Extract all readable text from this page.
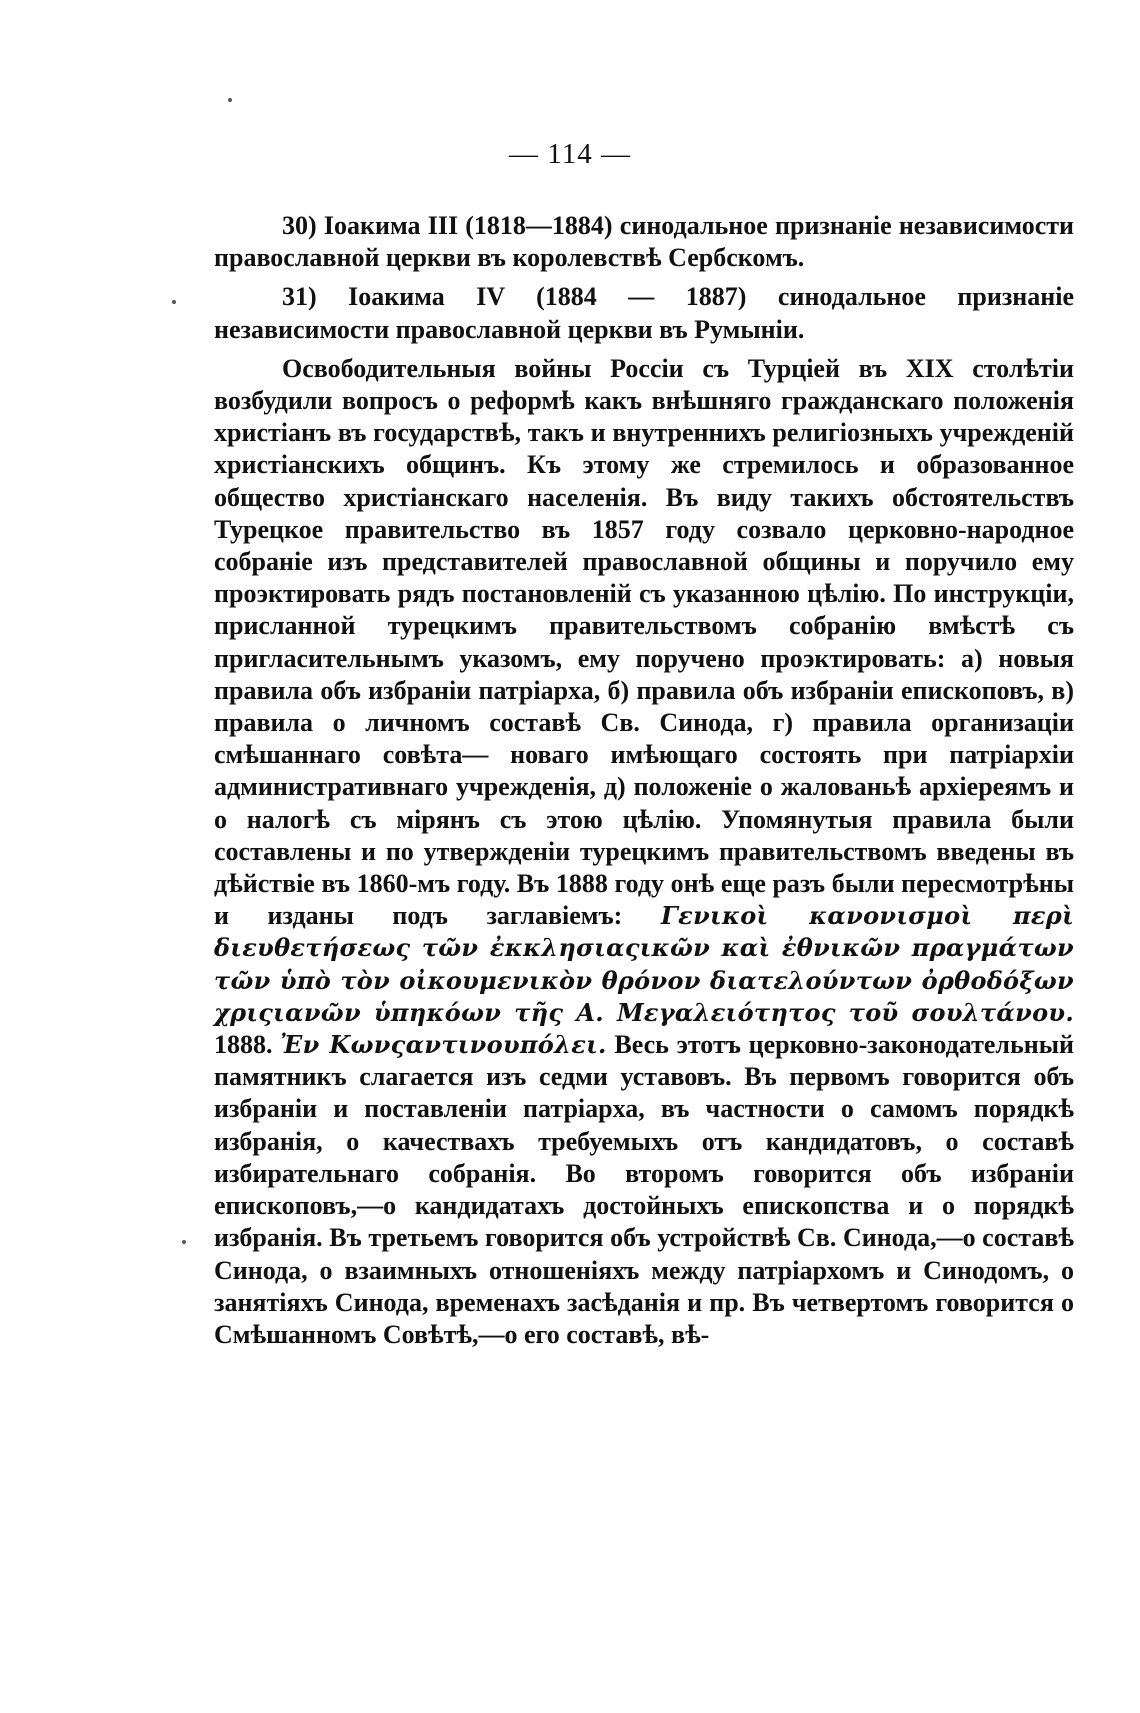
— 114 —

30) Іоакима III (1818—1884) синодальное признаніе независимости православной церкви въ королевствѣ Сербскомъ.

31) Іоакима IV (1884 — 1887) синодальное признаніе независимости православной церкви въ Румыніи.

Освободительныя войны Россіи съ Турціей въ XIX столѣтіи возбудили вопросъ о реформѣ какъ внѣшняго гражданскаго положенія христіанъ въ государствѣ, такъ и внутреннихъ религіозныхъ учрежденій христіанскихъ общинъ. Къ этому же стремилось и образованное общество христіанскаго населенія. Въ виду такихъ обстоятельствъ Турецкое правительство въ 1857 году созвало церковно-народное собраніе изъ представителей православной общины и поручило ему проэктировать рядъ постановленій съ указанною цѣлію. По инструкціи, присланной турецкимъ правительствомъ собранію вмѣстѣ съ пригласительнымъ указомъ, ему поручено проэктировать: а) новыя правила объ избраніи патріарха, б) правила объ избраніи епископовъ, в) правила о личномъ составѣ Св. Синода, г) правила организаціи смѣшаннаго совѣта— новаго имѣющаго состоять при патріархіи административнаго учрежденія, д) положеніе о жалованьѣ архіереямъ и о налогѣ съ мірянъ съ этою цѣлію. Упомянутыя правила были составлены и по утвержденіи турецкимъ правительствомъ введены въ дѣйствіе въ 1860-мъ году. Въ 1888 году онѣ еще разъ были пересмотрѣны и изданы подъ заглавіемъ: Γενικοὶ κανονισμοὶ περὶ διευθετήσεως τῶν ἐκκλησιαςικῶν καὶ ἐθνικῶν πραγμάτων τῶν ὑπὸ τὸν οἰκουμενικὸν θρόνον διατελούντων ὀρθοδόξων χριςιανῶν ὑπηκόων τῆς Α. Μεγαλειότητος τοῦ σουλτάνου. 1888. Ἐν Κωνςαντινουπόλει. Весь этотъ церковно-законодательный памятникъ слагается изъ седми уставовъ. Въ первомъ говорится объ избраніи и поставленіи патріарха, въ частности о самомъ порядкѣ избранія, о качествахъ требуемыхъ отъ кандидатовъ, о составѣ избирательнаго собранія. Во второмъ говорится объ избраніи епископовъ,—о кандидатахъ достойныхъ епископства и о порядкѣ избранія. Въ третьемъ говорится объ устройствѣ Св. Синода,—о составѣ Синода, о взаимныхъ отношеніяхъ между патріархомъ и Синодомъ, о занятіяхъ Синода, временахъ засѣданія и пр. Въ четвертомъ говорится о Смѣшанномъ Совѣтѣ,—о его составѣ, вѣ-
